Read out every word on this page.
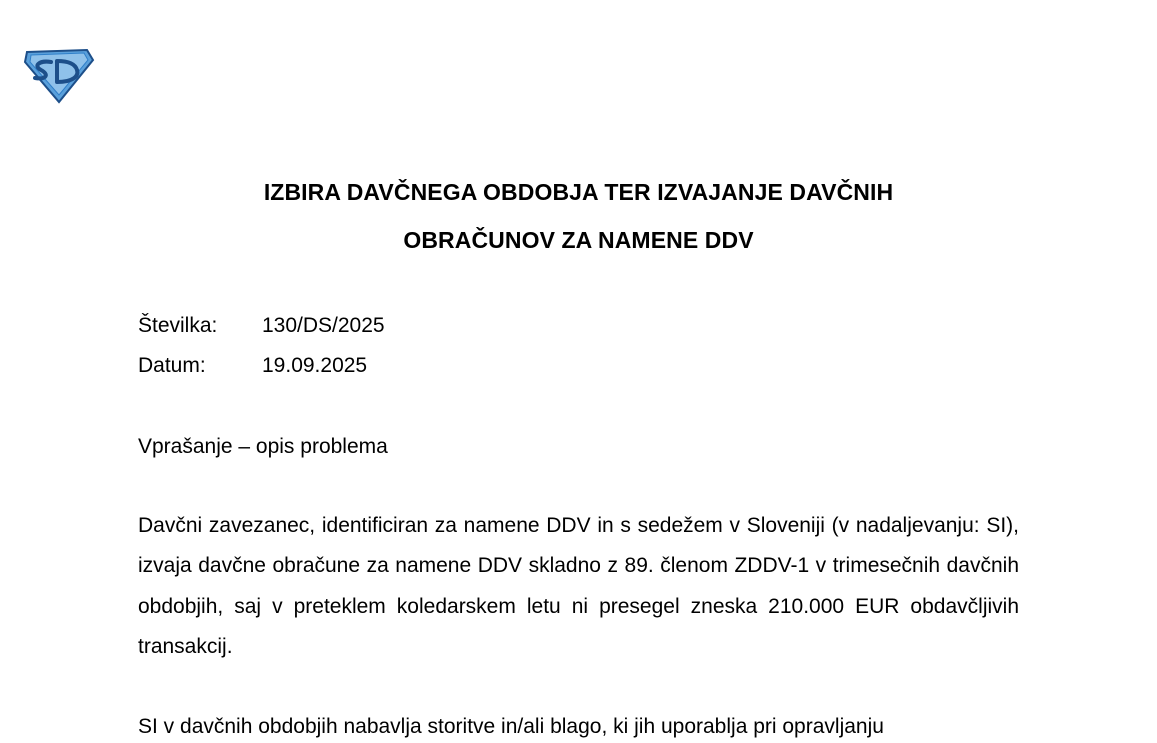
IZBIRA DAVČNEGA OBDOBJA TER IZVAJANJE DAVČNIH
OBRAČUNOV ZA NAMENE DDV
Številka: 130/DS/2025
Datum:	19.09.2025
Vprašanje – opis problema

Davčni zavezanec, identificiran za namene DDV in s sedežem v Sloveniji (v nadaljevanju: SI), izvaja davčne obračune za namene DDV skladno z 89. členom ZDDV-1 v trimesečnih davčnih obdobjih, saj v preteklem koledarskem letu ni presegel zneska 210.000 EUR obdavčljivih transakcij.

SI v davčnih obdobjih nabavlja storitve in/ali blago, ki jih uporablja pri opravljanju
